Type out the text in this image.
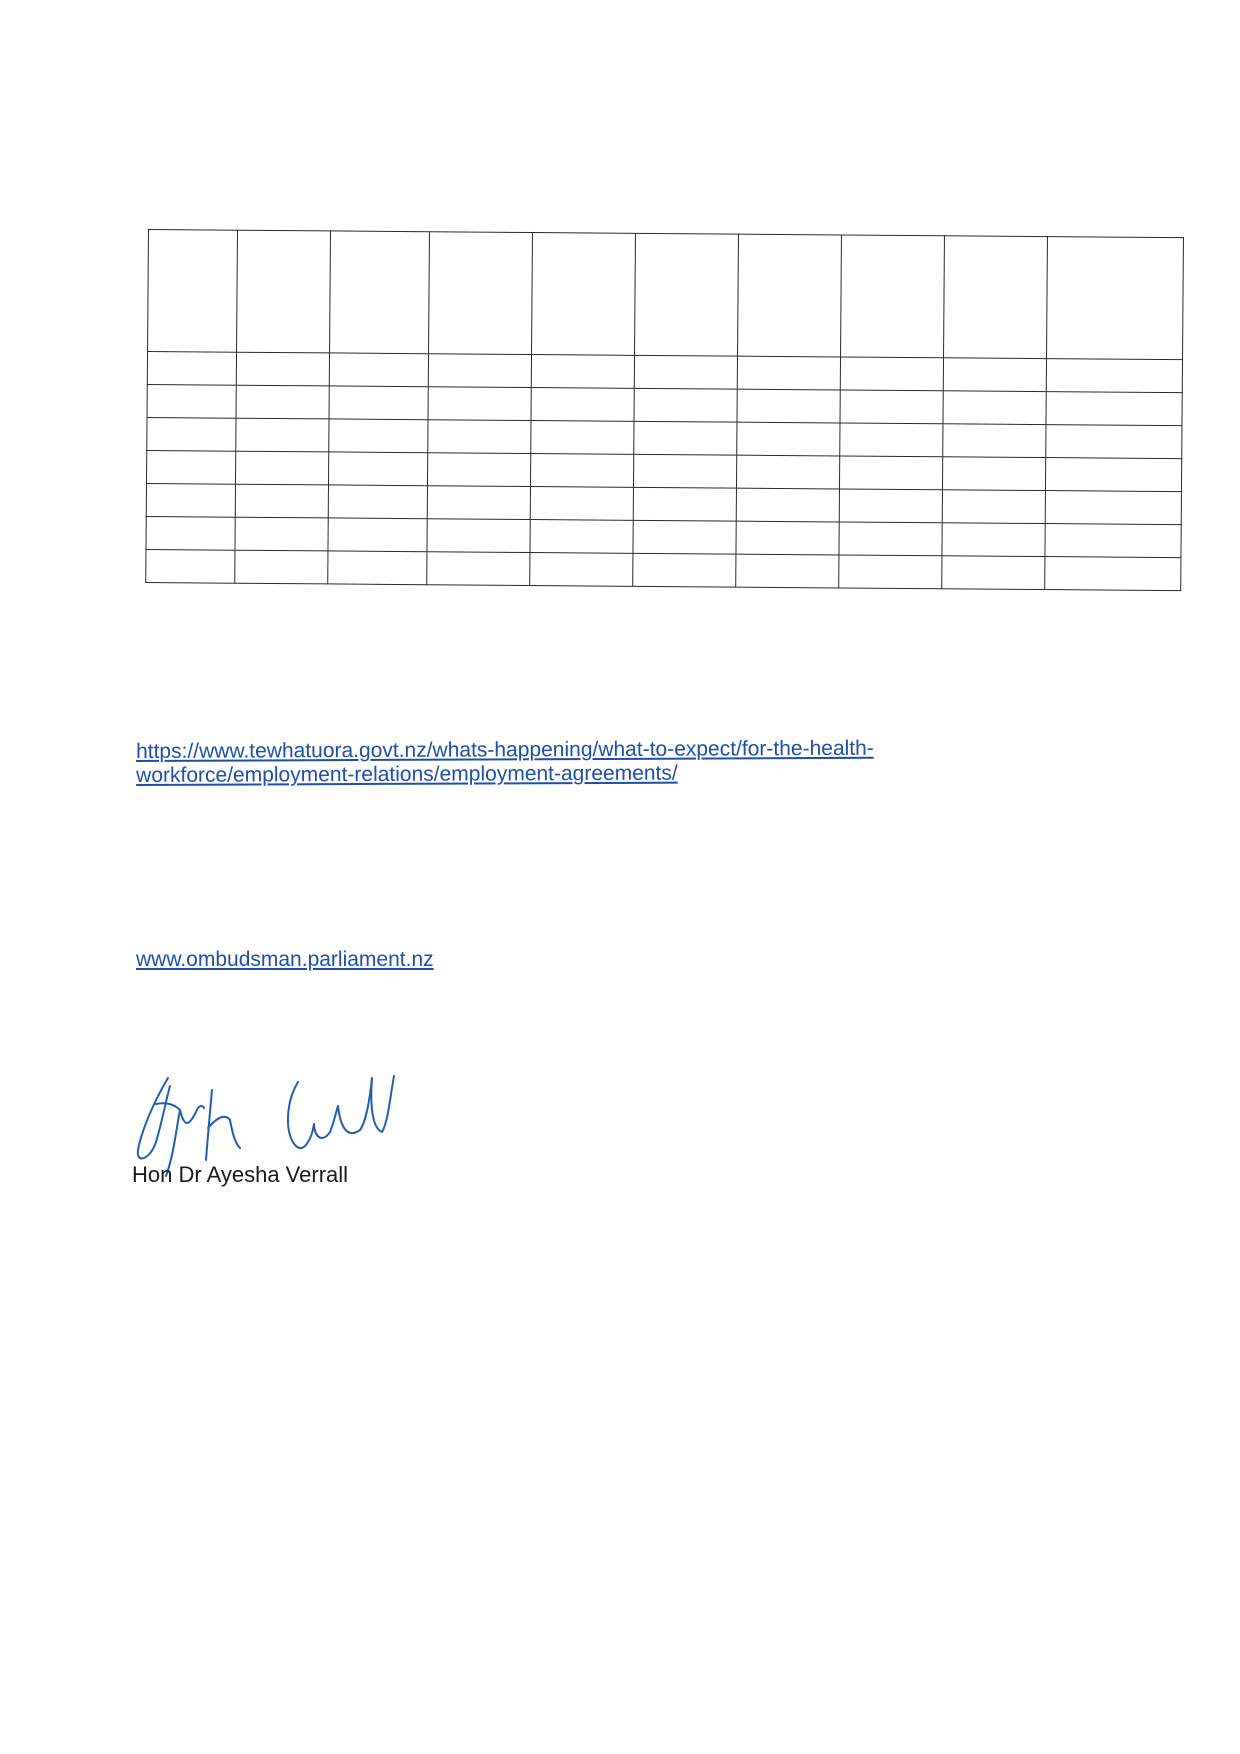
https://www.tewhatuora.govt.nz/whats-happening/what-to-expect/for-the-health-
workforce/employment-relations/employment-agreements/
www.ombudsman.parliament.nz
Hon Dr Ayesha Verrall
